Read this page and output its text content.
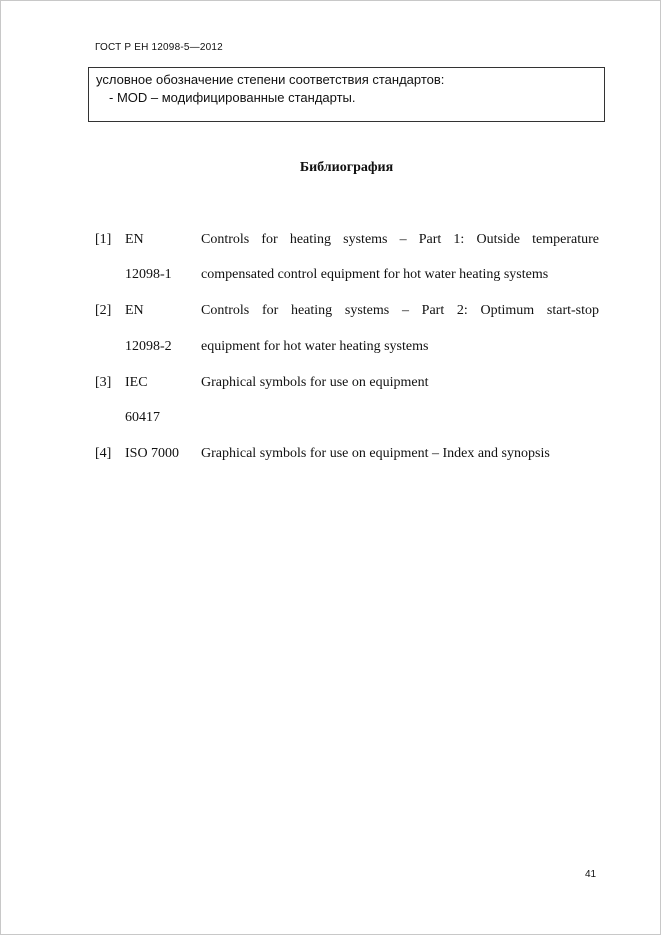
ГОСТ Р ЕН 12098-5—2012
условное обозначение степени соответствия стандартов:
- MOD – модифицированные стандарты.
Библиография
[1] EN	Controls for heating systems – Part 1: Outside temperature
12098-1	compensated control equipment for hot water heating systems
[2] EN	Controls for heating systems – Part 2: Optimum start-stop
12098-2	equipment for hot water heating systems
[3] IEC	Graphical symbols for use on equipment
60417
[4] ISO 7000	Graphical symbols for use on equipment – Index and synopsis
41
